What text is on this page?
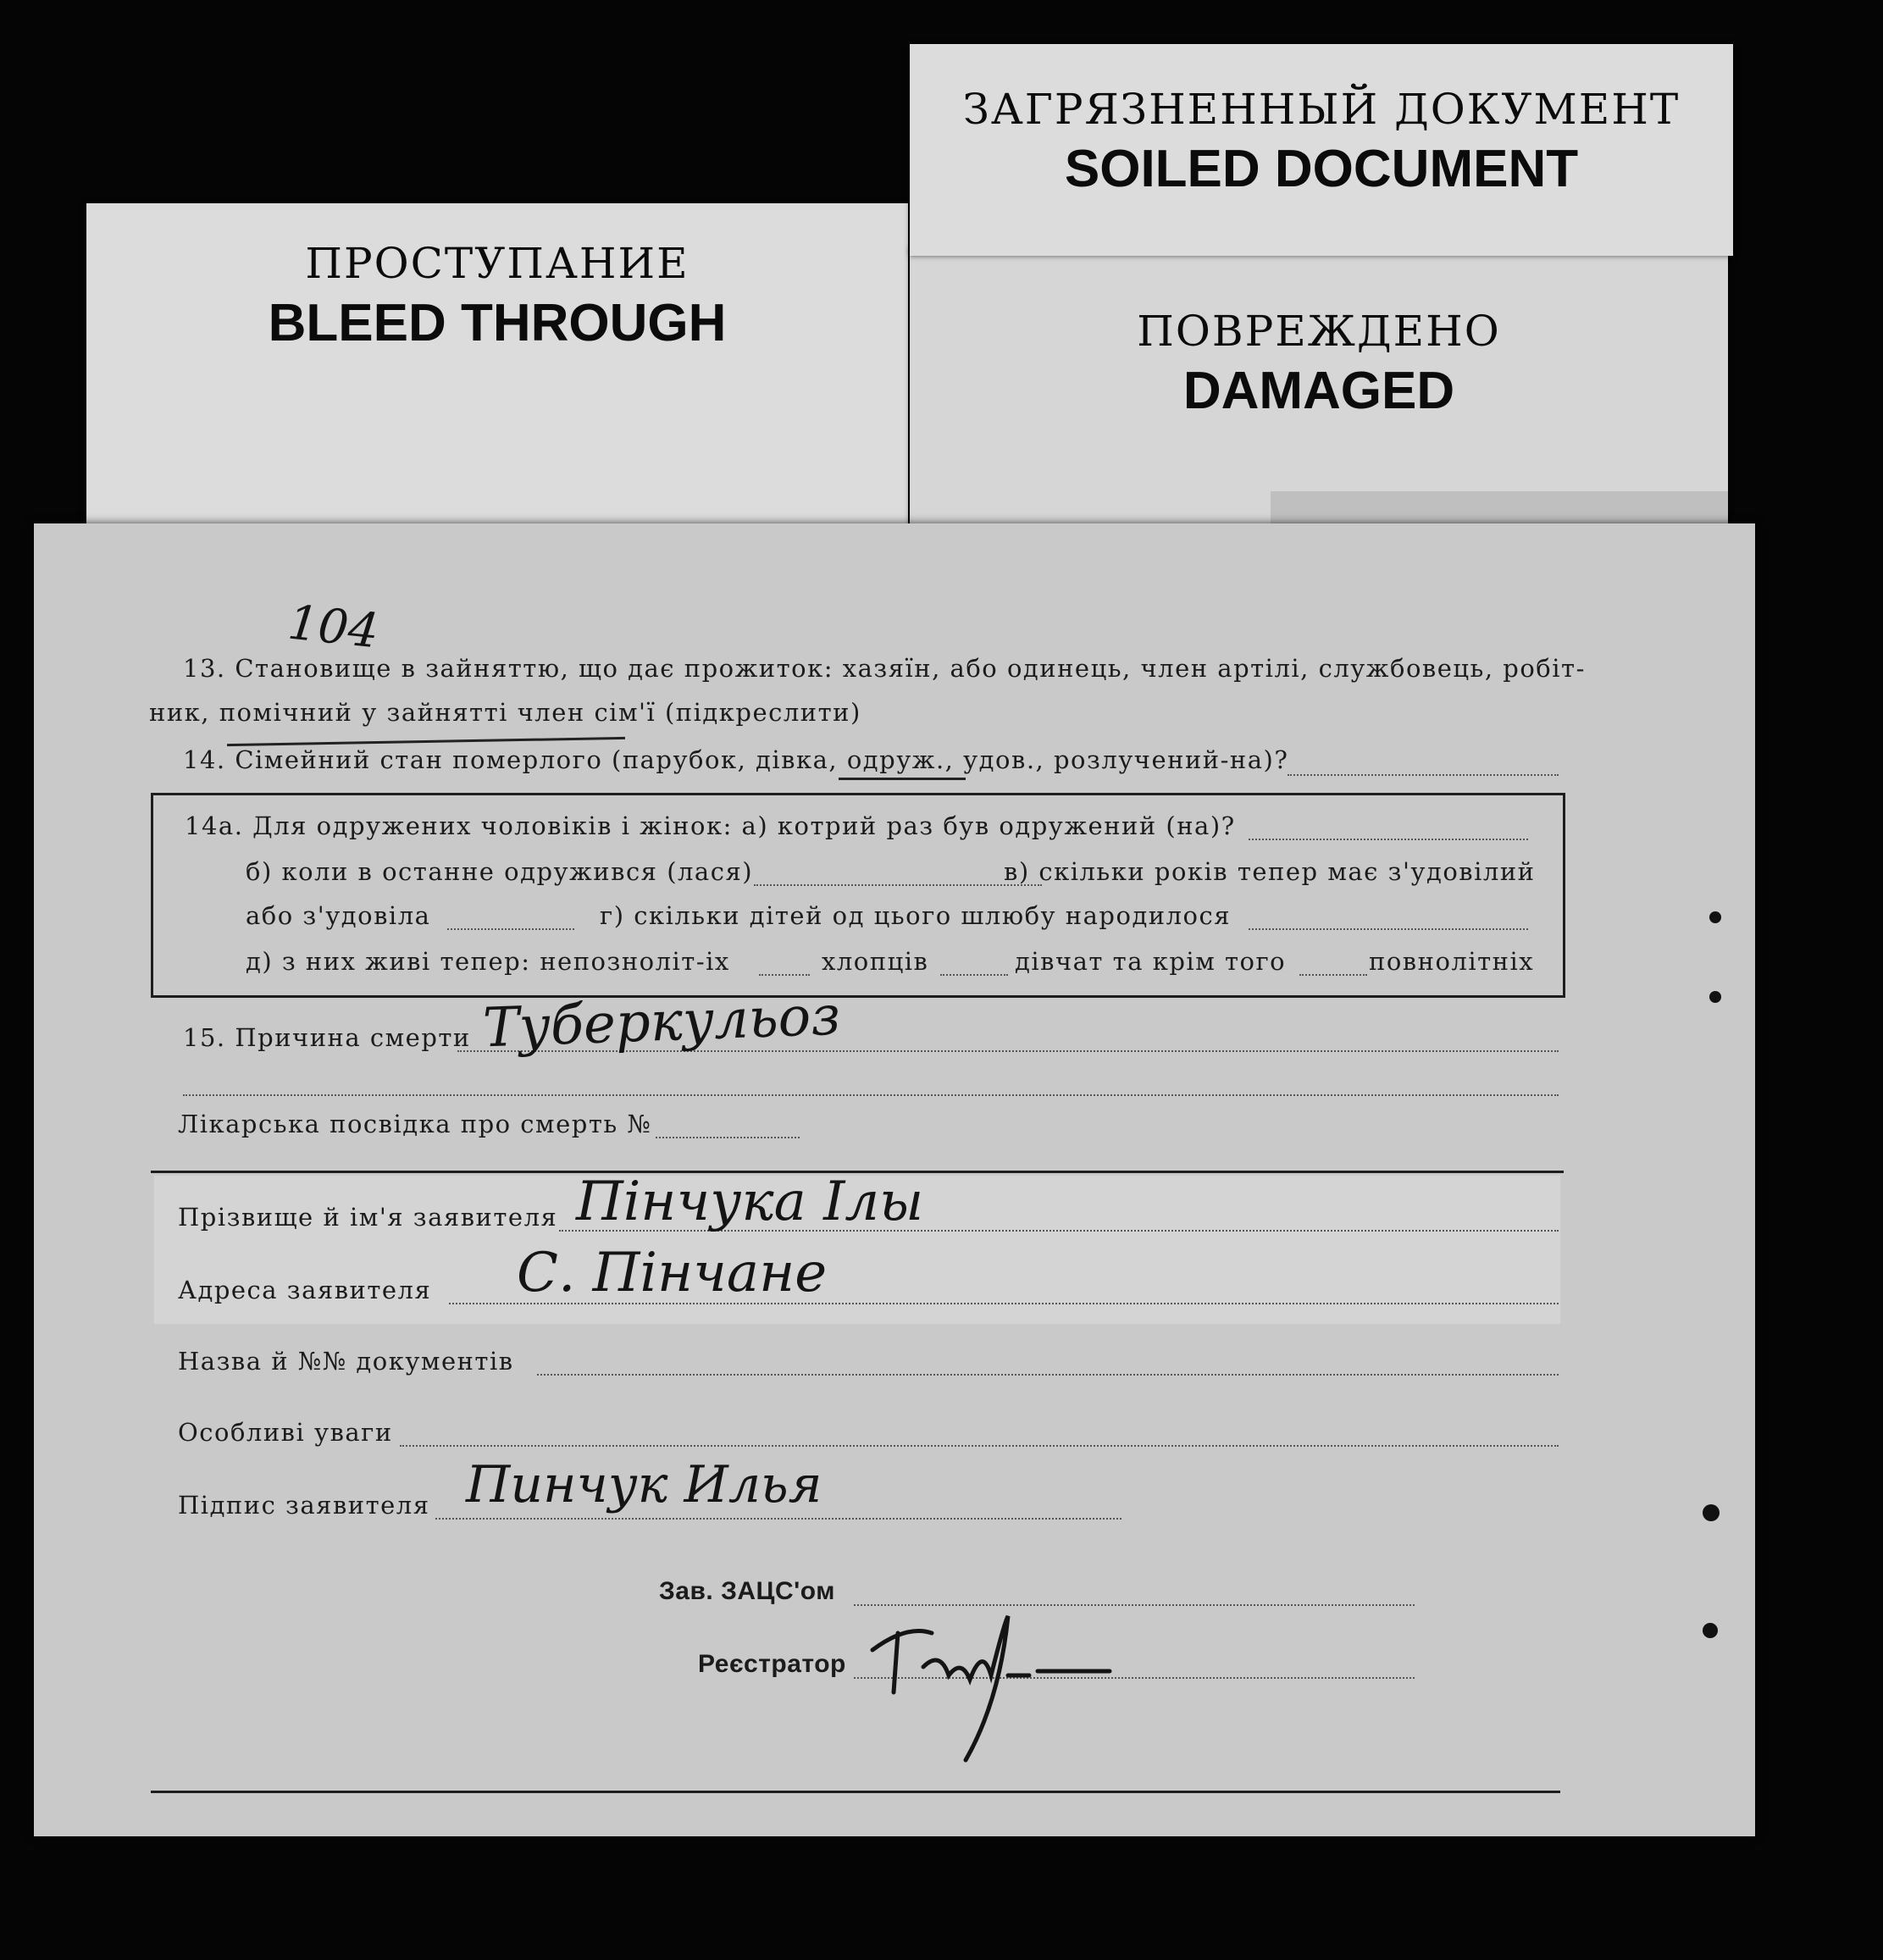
ПРОСТУПАНИЕ
BLEED THROUGH	ПОВРЕЖДЕНО
DAMAGED
ЗАГРЯЗНЕННЫЙ ДОКУМЕНТ
SOILED DOCUMENT
104
13. Становище в зайняттю, що дає прожиток: хазяїн, або одинець, член артілі, службовець, робіт-
ник, помічний у зайнятті член сім'ї (підкреслити)
14. Сімейний стан померлого (парубок, дівка, одруж., удов., розлучений-на)?
14а. Для одружених чоловіків і жінок: а) котрий раз був одружений (на)?
б) коли в останне одружився (лася)	в) скільки років тепер має з'удовілий
або з'удовіла	г) скільки дітей од цього шлюбу народилося
д) з них живі тепер: непозноліт-іх	хлопців	дівчат та крім того	повнолітніх
15. Причина смерти Туберкульоз
Лікарська посвідка про смерть №
Прізвище й ім'я заявителя Пінчука Ілы
Адреса заявителя С. Пінчане
Назва й №№ документів
Особливі уваги
Підпис заявителя Пинчук Илья
Зав. ЗАЦС'ом
Реєстратор
